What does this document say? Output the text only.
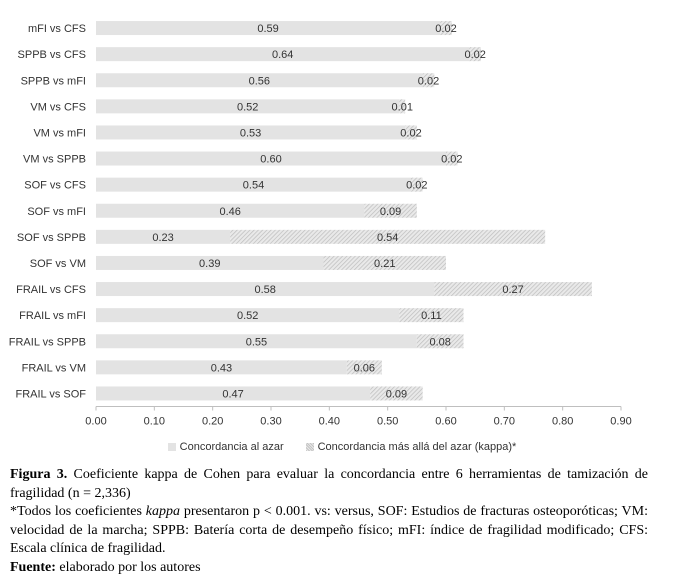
0.59	0.02
0.64	0.02
0.56	0.02
0.52	0.01
0.53	0.02
0.60	0.02
0.54	0.02
0.46	0.09
0.23	0.54
0.39	0.21
0.58	0.27
0.52	0.11
0.55	0.08
0.43	0.06
0.47	0.09
mFI vs CFS
SPPB vs CFS
SPPB vs mFI
VM vs CFS
VM vs mFI
VM vs SPPB
SOF vs CFS
SOF vs mFI
SOF vs SPPB
SOF vs VM
FRAIL vs CFS
FRAIL vs mFI
FRAIL vs SPPB
FRAIL vs VM
FRAIL vs SOF
0.00	0.10	0.20	0.30	0.40	0.50	0.60	0.70	0.80	0.90
Concordancia al azar	Concordancia más allá del azar (kappa)*

Figura 3. Coeficiente kappa de Cohen para evaluar la concordancia entre 6 herramientas de tamización de fragilidad (n = 2,336)

*Todos los coeficientes kappa presentaron p < 0.001. vs: versus, SOF: Estudios de fracturas osteoporóticas; VM: velocidad de la marcha; SPPB: Batería corta de desempeño físico; mFI: índice de fragilidad modificado; CFS: Escala clínica de fragilidad.

Fuente: elaborado por los autores
